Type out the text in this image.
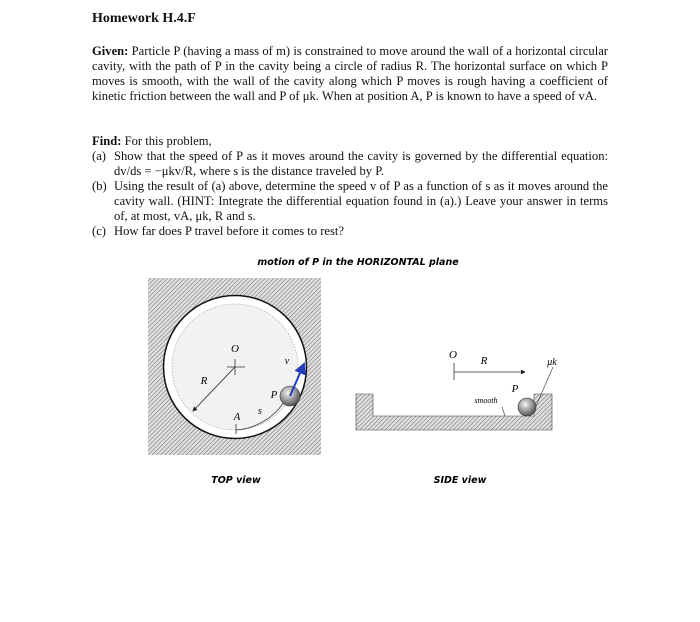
Homework H.4.F
Given: Particle P (having a mass of m) is constrained to move around the wall of a horizontal circular cavity, with the path of P in the cavity being a circle of radius R. The horizontal surface on which P moves is smooth, with the wall of the cavity along which P moves is rough having a coefficient of kinetic friction between the wall and P of μk. When at position A, P is known to have a speed of vA.
Find: For this problem,
(a) Show that the speed of P as it moves around the cavity is governed by the differential equation: dv/ds = −μkv/R, where s is the distance traveled by P.
(b) Using the result of (a) above, determine the speed v of P as a function of s as it moves around the cavity wall. (HINT: Integrate the differential equation found in (a).) Leave your answer in terms of, at most, vA, μk, R and s.
(c) How far does P travel before it comes to rest?
motion of P in the HORIZONTAL plane
O
R
P
A s
v
TOP view
O R
P
smooth
μk
SIDE view
